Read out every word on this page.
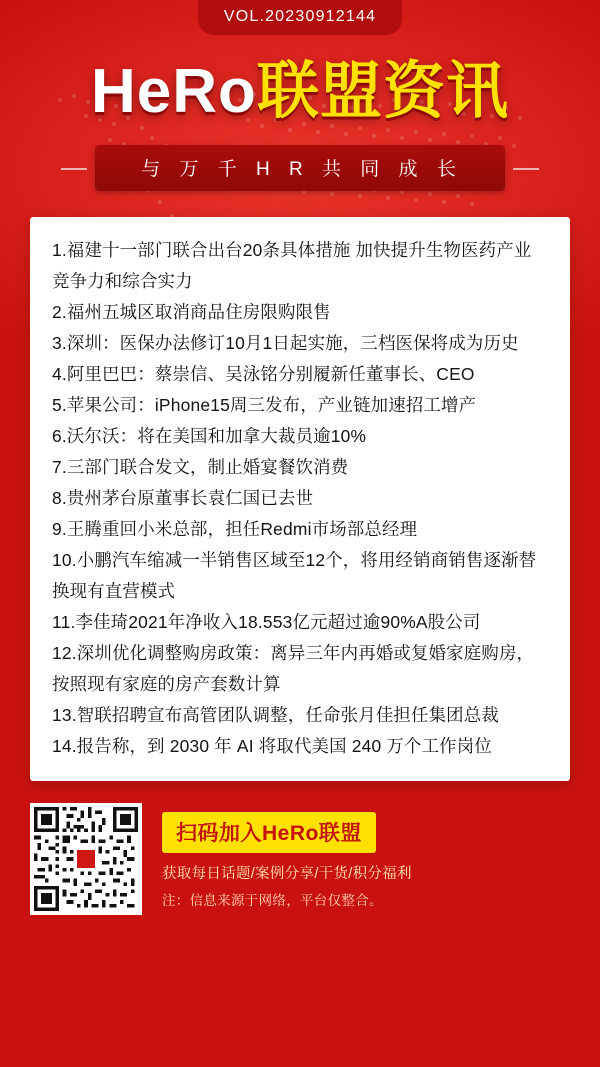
VOL.20230912144
HeRo联盟资讯
与 万 千 H R 共 同 成 长
1.福建十一部门联合出台20条具体措施 加快提升生物医药产业竞争力和综合实力
2.福州五城区取消商品住房限购限售
3.深圳：医保办法修订10月1日起实施，三档医保将成为历史
4.阿里巴巴：蔡崇信、吴泳铭分别履新任董事长、CEO
5.苹果公司：iPhone15周三发布，产业链加速招工增产
6.沃尔沃：将在美国和加拿大裁员逾10%
7.三部门联合发文，制止婚宴餐饮消费
8.贵州茅台原董事长袁仁国已去世
9.王腾重回小米总部，担任Redmi市场部总经理
10.小鹏汽车缩减一半销售区域至12个，将用经销商销售逐渐替换现有直营模式
11.李佳琦2021年净收入18.553亿元超过逾90%A股公司
12.深圳优化调整购房政策：离异三年内再婚或复婚家庭购房，按照现有家庭的房产套数计算
13.智联招聘宣布高管团队调整，任命张月佳担任集团总裁
14.报告称，到 2030 年 AI 将取代美国 240 万个工作岗位
扫码加入HeRo联盟
获取每日话题/案例分享/干货/积分福利
注：信息来源于网络，平台仅整合。
